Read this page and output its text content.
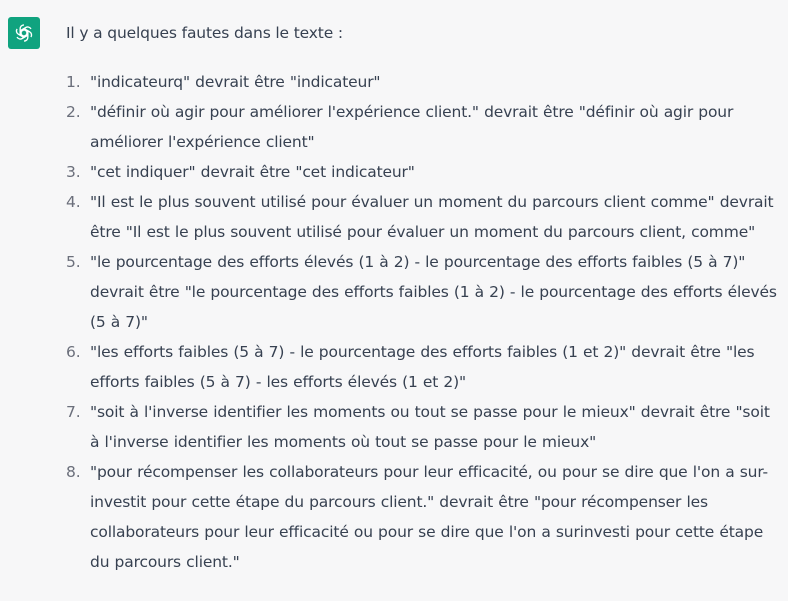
Il y a quelques fautes dans le texte :

1. "indicateurq" devrait être "indicateur"
2. "définir où agir pour améliorer l'expérience client." devrait être "définir où agir pour améliorer l'expérience client"
3. "cet indiquer" devrait être "cet indicateur"
4. "Il est le plus souvent utilisé pour évaluer un moment du parcours client comme" devrait être "Il est le plus souvent utilisé pour évaluer un moment du parcours client, comme"
5. "le pourcentage des efforts élevés (1 à 2) - le pourcentage des efforts faibles (5 à 7)" devrait être "le pourcentage des efforts faibles (1 à 2) - le pourcentage des efforts élevés (5 à 7)"
6. "les efforts faibles (5 à 7) - le pourcentage des efforts faibles (1 et 2)" devrait être "les efforts faibles (5 à 7) - les efforts élevés (1 et 2)"
7. "soit à l'inverse identifier les moments ou tout se passe pour le mieux" devrait être "soit à l'inverse identifier les moments où tout se passe pour le mieux"
8. "pour récompenser les collaborateurs pour leur efficacité, ou pour se dire que l'on a sur-investit pour cette étape du parcours client." devrait être "pour récompenser les collaborateurs pour leur efficacité ou pour se dire que l'on a surinvesti pour cette étape du parcours client."
